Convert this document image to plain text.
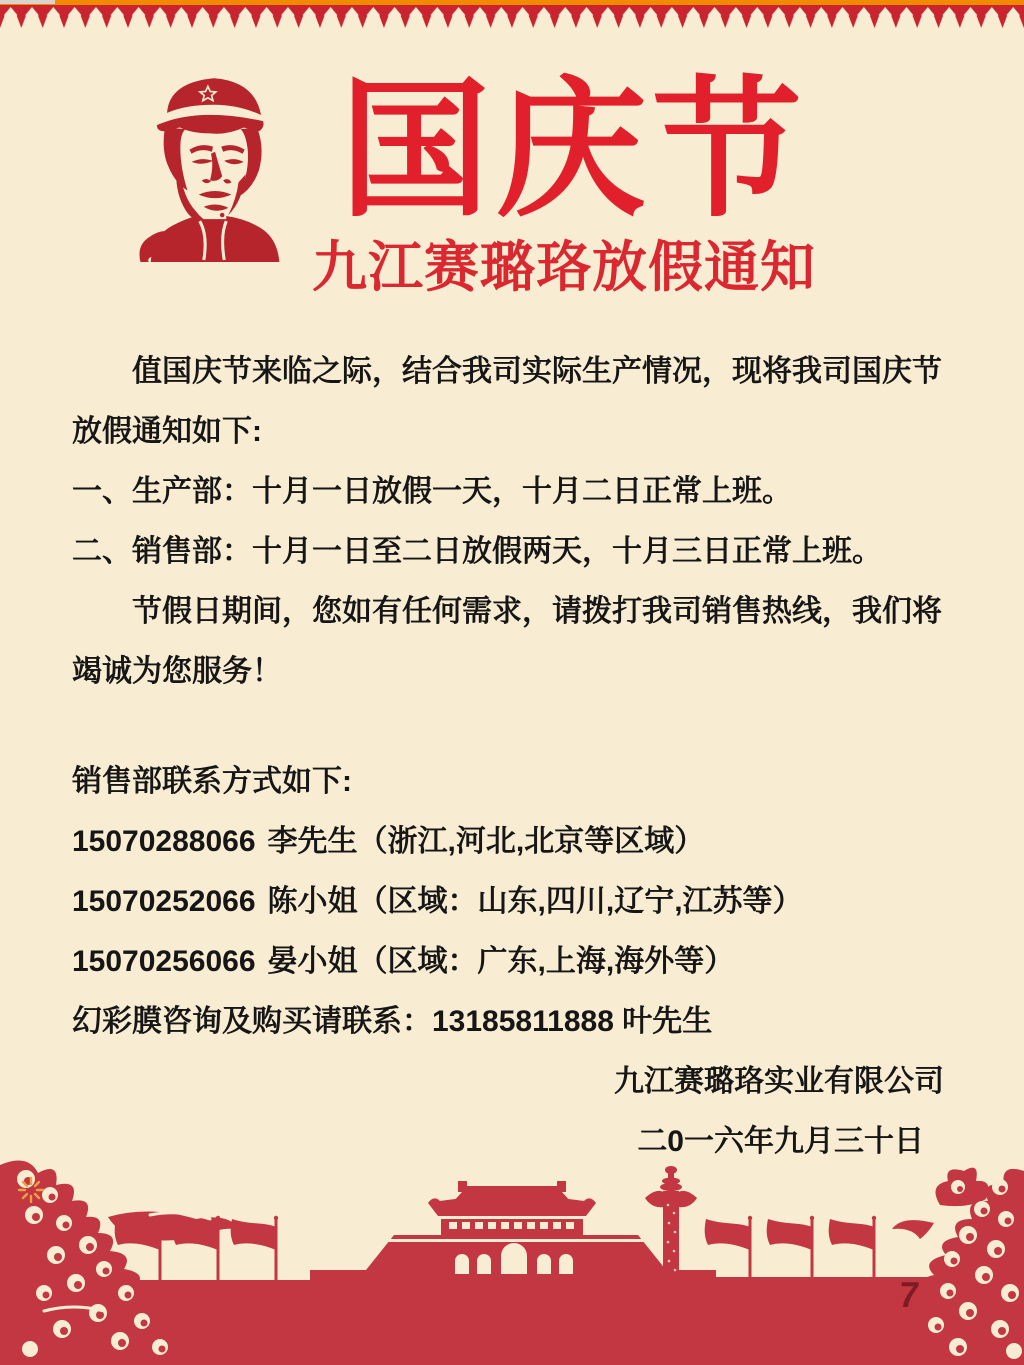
国庆节
九江赛璐珞放假通知

值国庆节来临之际，结合我司实际生产情况，现将我司国庆节放假通知如下:

一、生产部：十月一日放假一天，十月二日正常上班。

二、销售部：十月一日至二日放假两天，十月三日正常上班。

节假日期间，您如有任何需求，请拨打我司销售热线，我们将竭诚为您服务！

销售部联系方式如下:

15070288066 李先生（浙江,河北,北京等区域）

15070252066 陈小姐（区域：山东,四川,辽宁,江苏等）

15070256066 晏小姐（区域：广东,上海,海外等）

幻彩膜咨询及购买请联系：13185811888 叶先生

九江赛璐珞实业有限公司

二0一六年九月三十日

7
